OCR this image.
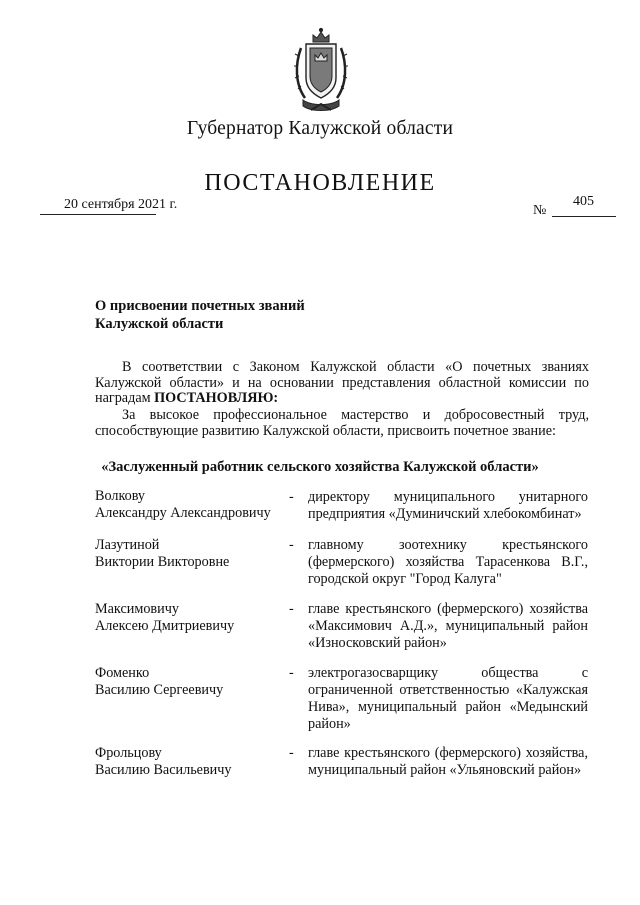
Губернатор Калужской области
ПОСТАНОВЛЕНИЕ
20 сентября 2021 г.	№
405
О присвоении почетных званий
Калужской области
В соответствии с Законом Калужской области «О почетных званиях Калужской области» и на основании представления областной комиссии по наградам ПОСТАНОВЛЯЮ:
За высокое профессиональное мастерство и добросовестный труд, способствующие развитию Калужской области, присвоить почетное звание:
«Заслуженный работник сельского хозяйства Калужской области»
Волкову
Александру Александровичу
- директору муниципального унитарного предприятия «Думиничский хлебокомбинат»
Лазутиной
Виктории Викторовне
- главному зоотехнику крестьянского (фермерского) хозяйства Тарасенкова В.Г., городской округ "Город Калуга"
Максимовичу
Алексею Дмитриевичу
- главе крестьянского (фермерского) хозяйства «Максимович А.Д.», муниципальный район «Износковский район»
Фоменко
Василию Сергеевичу
- электрогазосварщику общества с ограниченной ответственностью «Калужская Нива», муниципальный район «Медынский район»
Фрольцову
Василию Васильевичу
- главе крестьянского (фермерского) хозяйства, муниципальный район «Ульяновский район»
